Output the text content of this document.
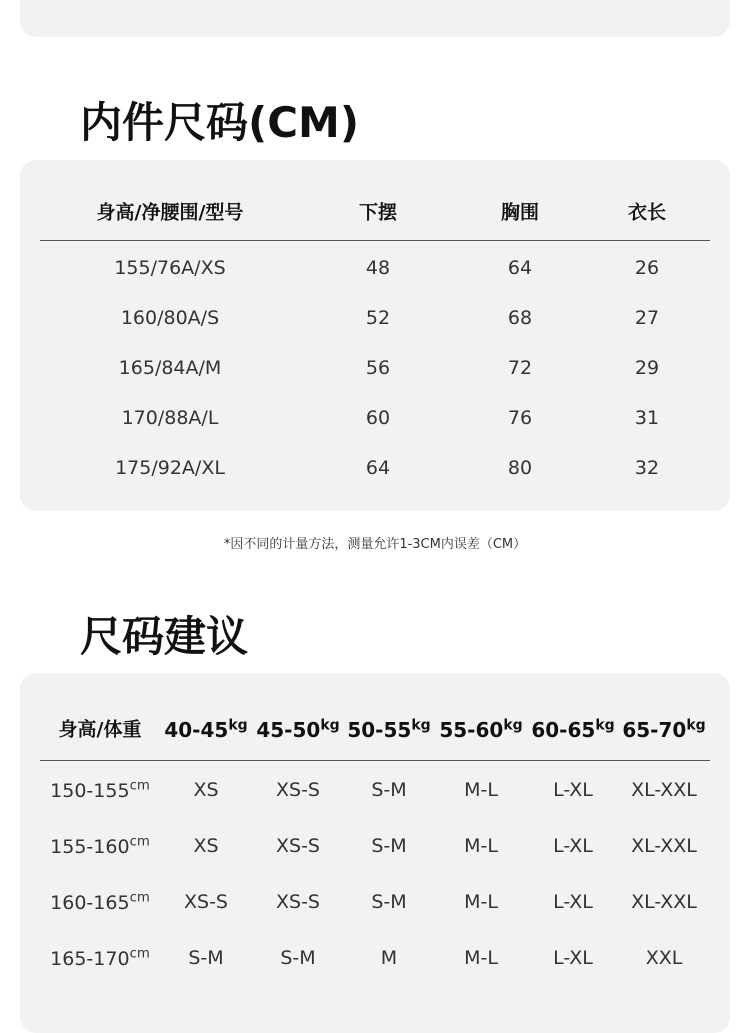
内件尺码(CM)
身高/净腰围/型号	下摆	胸围	衣长
155/76A/XS	48	64	26
160/80A/S	52	68	27
165/84A/M	56	72	29
170/88A/L	60	76	31
175/92A/XL	64	80	32
*因不同的计量方法，测量允许1-3CM内误差（CM）
尺码建议
身高/体重 $40-45^{kg}$ $45-50^{kg}$ $50-55^{kg}$ $55-60^{kg}$ $60-65^{kg}$ $65-70^{kg}$
$150-155^{cm}$ XS	XS-S	S-M	M-L	L-XL XL-XXL
$155-160^{cm}$ XS	XS-S	S-M	M-L	L-XL XL-XXL
$160-165^{cm}$ XS-S	XS-S	S-M	M-L	L-XL XL-XXL
$165-170^{cm}$ S-M	S-M	M	M-L	L-XL	XXL
